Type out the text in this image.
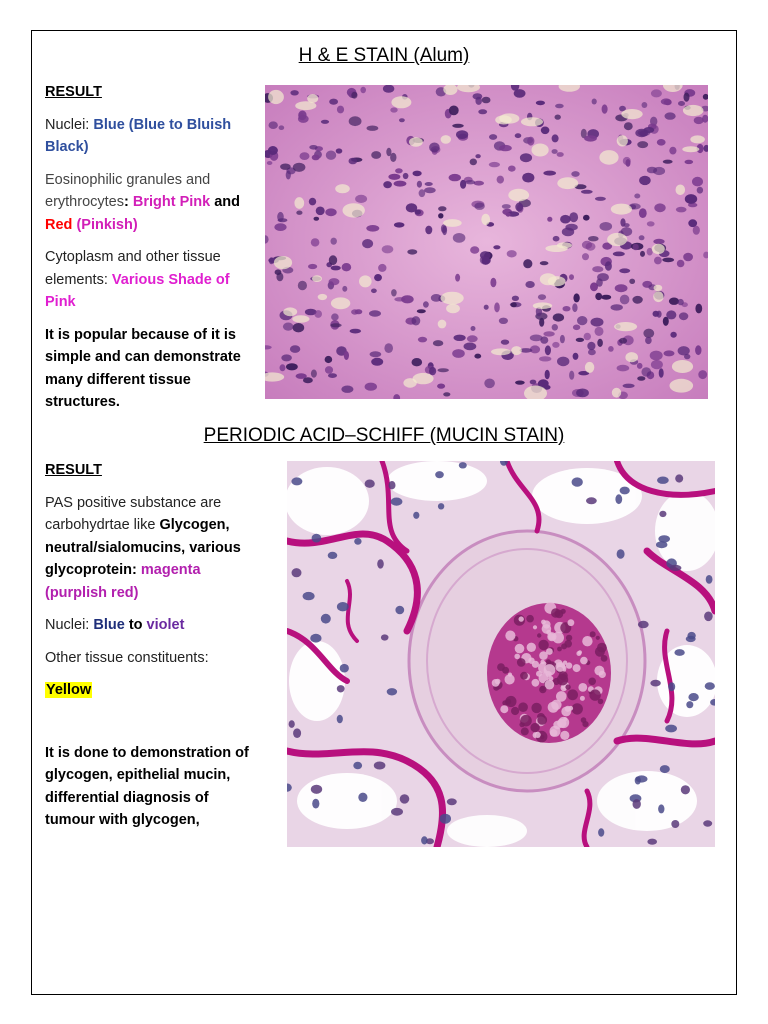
H & E STAIN (Alum)

RESULT

Nuclei: Blue (Blue to Bluish Black)

Eosinophilic granules and erythrocytes: Bright Pink and Red (Pinkish)

Cytoplasm and other tissue elements: Various Shade of Pink

It is popular because of it is simple and can demonstrate many different tissue structures.

PERIODIC ACID–SCHIFF (MUCIN STAIN)

RESULT

PAS positive substance are carbohydrtae like Glycogen, neutral/sialomucins, various glycoprotein: magenta (purplish red)

Nuclei: Blue to violet

Other tissue constituents:

Yellow

It is done to demonstration of glycogen, epithelial mucin, differential diagnosis of tumour with glycogen,
